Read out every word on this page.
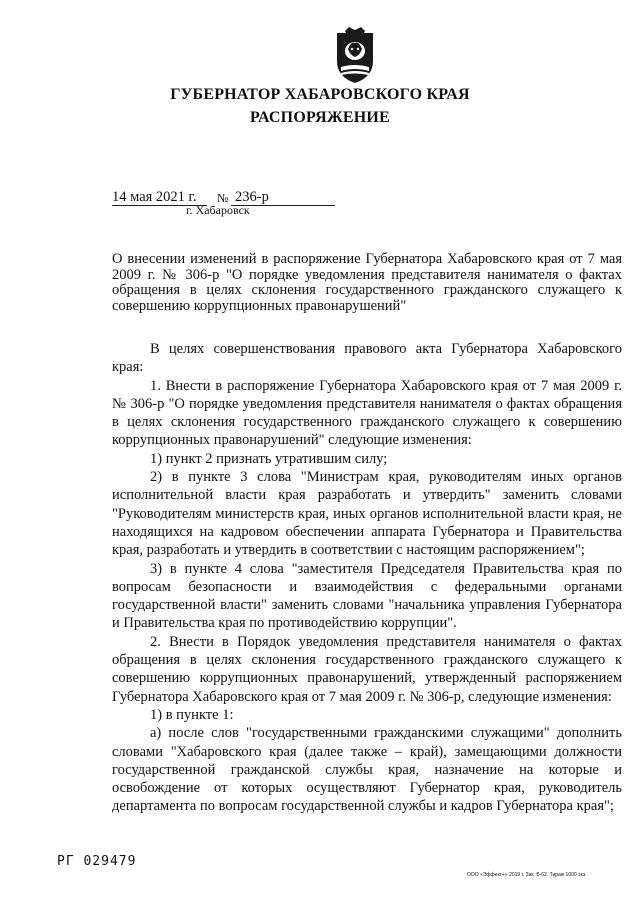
ГУБЕРНАТОР ХАБАРОВСКОГО КРАЯ
РАСПОРЯЖЕНИЕ
14 мая 2021 г. № 236-р
г. Хабаровск

О внесении изменений в распоряжение Губернатора Хабаровского края от 7 мая 2009 г. № 306-р "О порядке уведомления представителя нанимателя о фактах обращения в целях склонения государственного гражданского служащего к совершению коррупционных правонарушений"

В целях совершенствования правового акта Губернатора Хабаровского края:

1. Внести в распоряжение Губернатора Хабаровского края от 7 мая 2009 г. № 306-р "О порядке уведомления представителя нанимателя о фактах обращения в целях склонения государственного гражданского служащего к совершению коррупционных правонарушений" следующие изменения:

1) пункт 2 признать утратившим силу;

2) в пункте 3 слова "Министрам края, руководителям иных органов исполнительной власти края разработать и утвердить" заменить словами "Руководителям министерств края, иных органов исполнительной власти края, не находящихся на кадровом обеспечении аппарата Губернатора и Правительства края, разработать и утвердить в соответствии с настоящим распоряжением";

3) в пункте 4 слова "заместителя Председателя Правительства края по вопросам безопасности и взаимодействия с федеральными органами государственной власти" заменить словами "начальника управления Губернатора и Правительства края по противодействию коррупции".

2. Внести в Порядок уведомления представителя нанимателя о фактах обращения в целях склонения государственного гражданского служащего к совершению коррупционных правонарушений, утвержденный распоряжением Губернатора Хабаровского края от 7 мая 2009 г. № 306-р, следующие изменения:

1) в пункте 1:

а) после слов "государственными гражданскими служащими" дополнить словами "Хабаровского края (далее также – край), замещающими должности государственной гражданской службы края, назначение на которые и освобождение от которых осуществляют Губернатор края, руководитель департамента по вопросам государственной службы и кадров Губернатора края";

РГ 029479
ООО «Эффект+» 2019 г. Зак. Б-62. Тираж 1000 экз.
